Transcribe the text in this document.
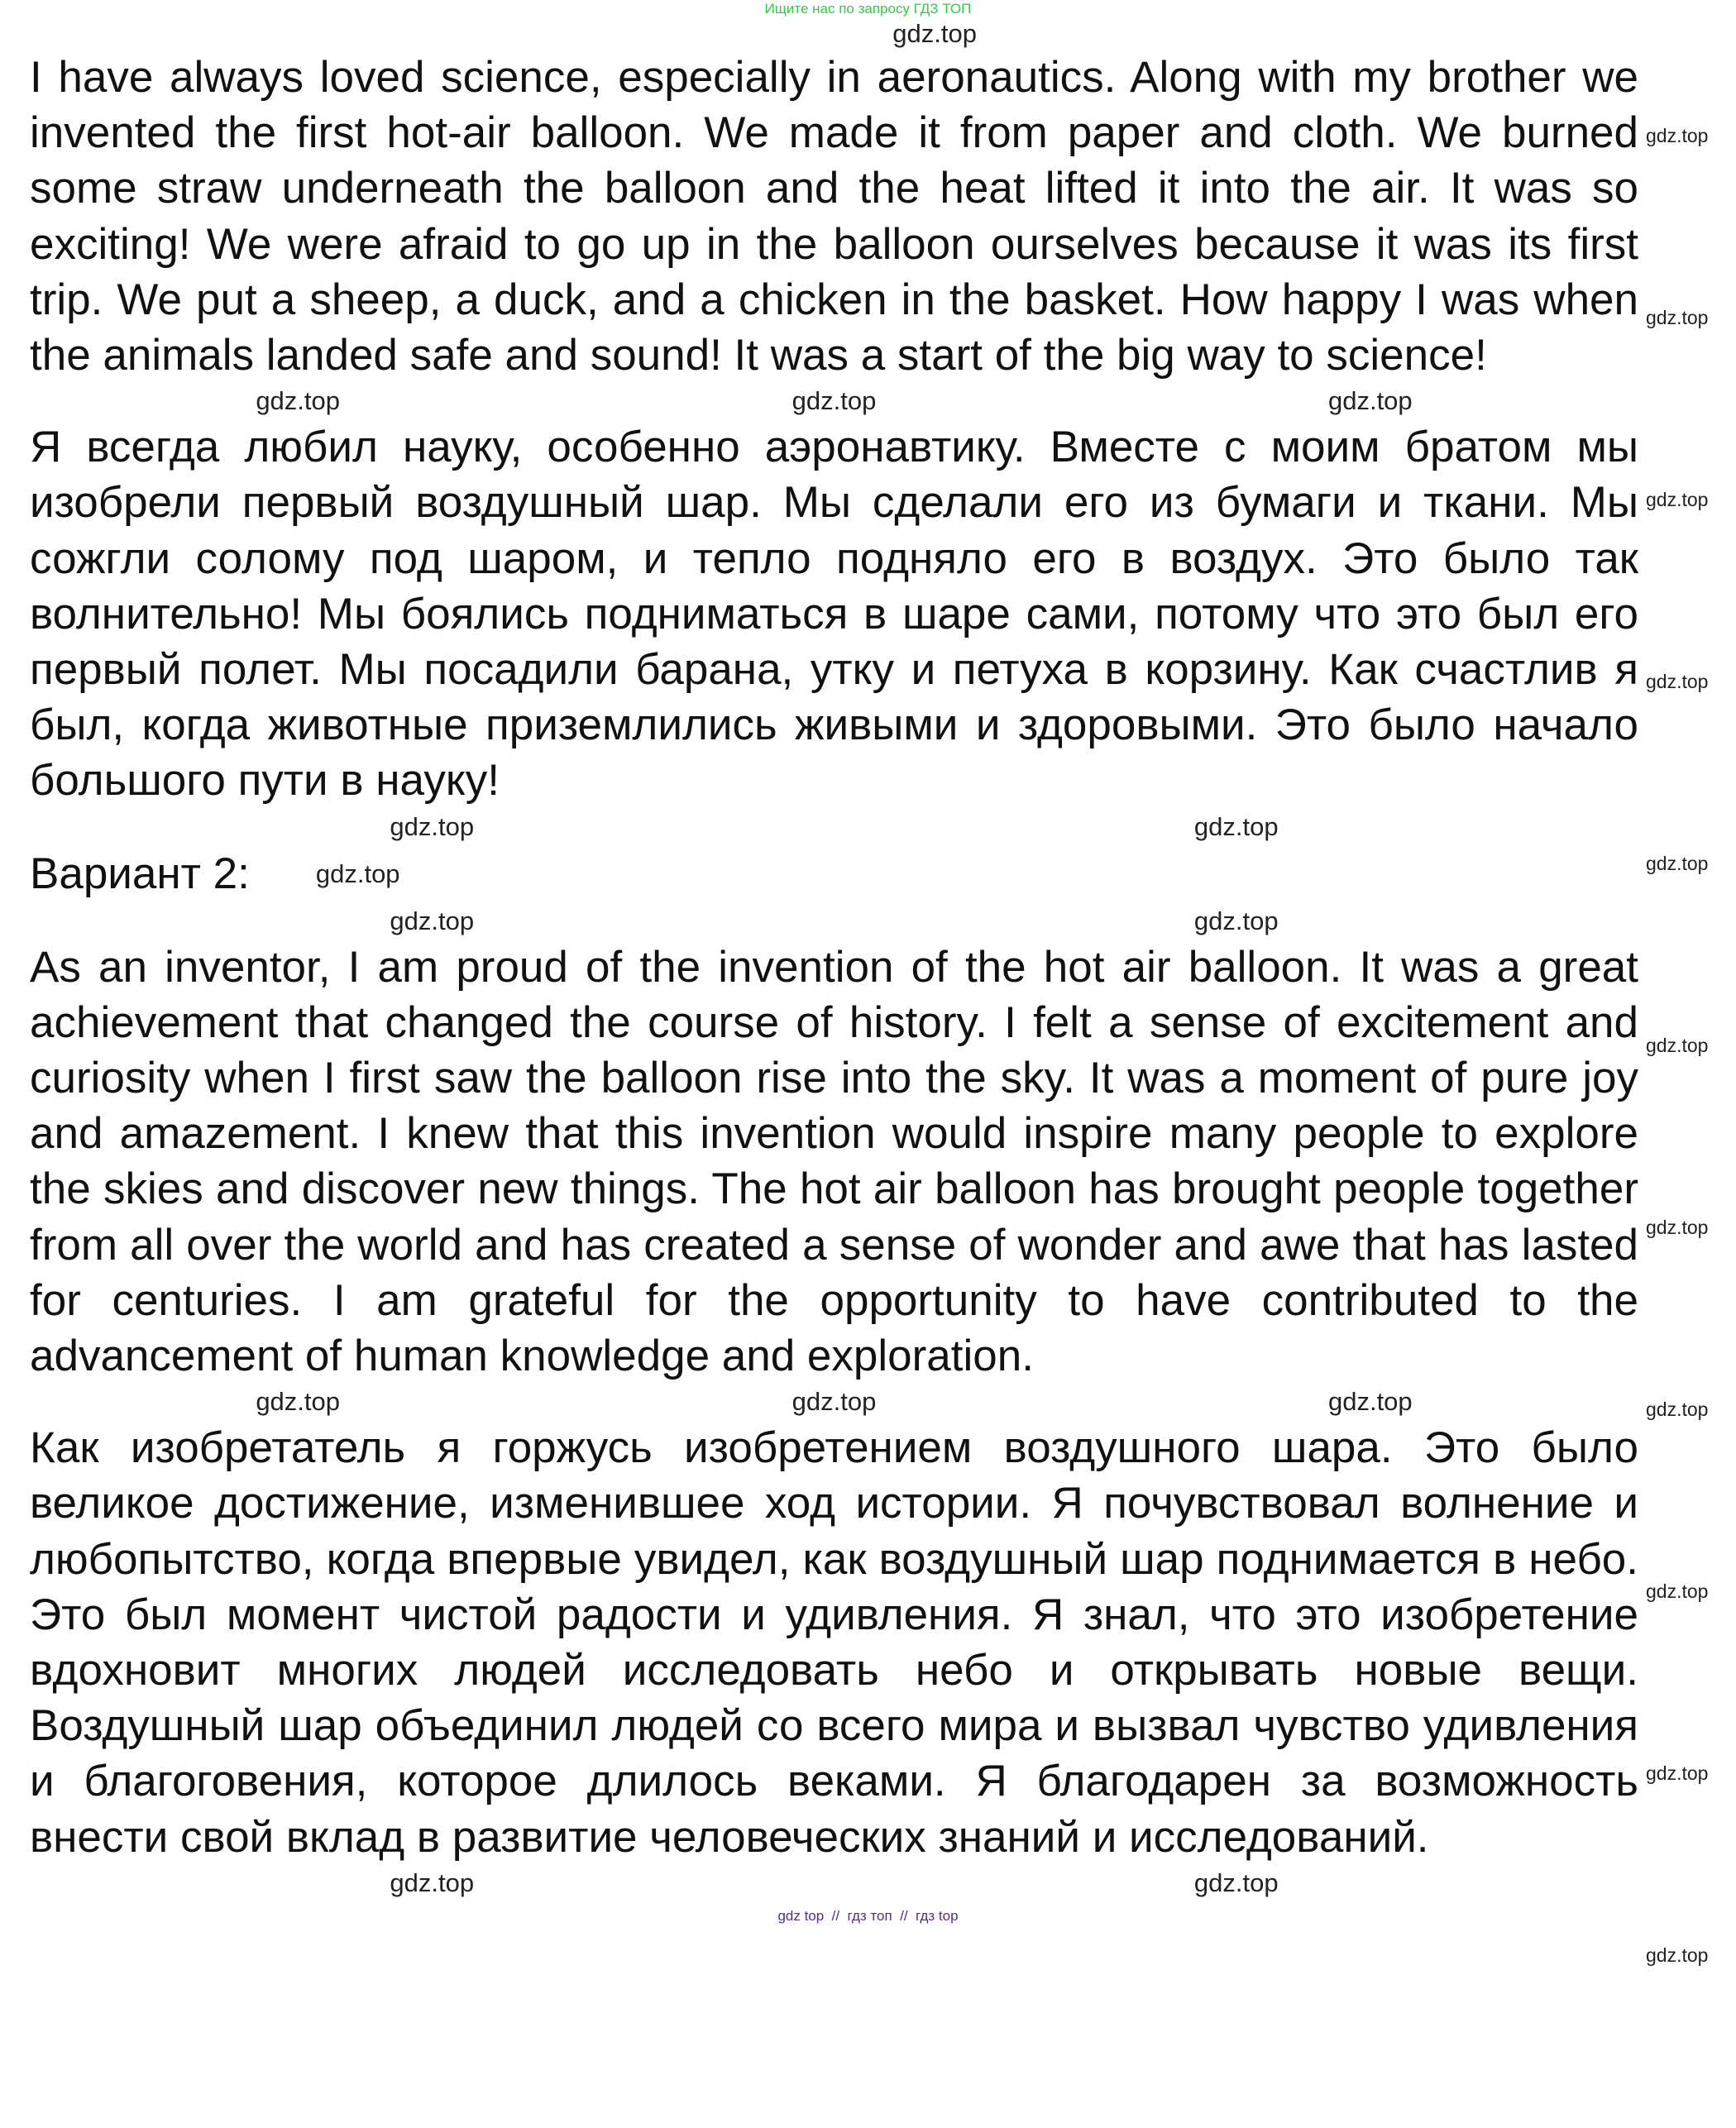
Ищите нас по запросу ГДЗ ТОП
gdz.top

I have always loved science, especially in aeronautics. Along with my brother we invented the first hot-air balloon. We made it from paper and cloth. We burned some straw underneath the balloon and the heat lifted it into the air. It was so exciting! We were afraid to go up in the balloon ourselves because it was its first trip. We put a sheep, a duck, and a chicken in the basket. How happy I was when the animals landed safe and sound! It was a start of the big way to science!

gdz.top	gdz.top	gdz.top

Я всегда любил науку, особенно аэронавтику. Вместе с моим братом мы изобрели первый воздушный шар. Мы сделали его из бумаги и ткани. Мы сожгли солому под шаром, и тепло подняло его в воздух. Это было так волнительно! Мы боялись подниматься в шаре сами, потому что это был его первый полет. Мы посадили барана, утку и петуха в корзину. Как счастлив я был, когда животные приземлились живыми и здоровыми. Это было начало большого пути в науку!

gdz.top	gdz.top
Вариант 2:	gdz.top
gdz.top	gdz.top

As an inventor, I am proud of the invention of the hot air balloon. It was a great achievement that changed the course of history. I felt a sense of excitement and curiosity when I first saw the balloon rise into the sky. It was a moment of pure joy and amazement. I knew that this invention would inspire many people to explore the skies and discover new things. The hot air balloon has brought people together from all over the world and has created a sense of wonder and awe that has lasted for centuries. I am grateful for the opportunity to have contributed to the advancement of human knowledge and exploration.

gdz.top	gdz.top	gdz.top

Как изобретатель я горжусь изобретением воздушного шара. Это было великое достижение, изменившее ход истории. Я почувствовал волнение и любопытство, когда впервые увидел, как воздушный шар поднимается в небо. Это был момент чистой радости и удивления. Я знал, что это изобретение вдохновит многих людей исследовать небо и открывать новые вещи. Воздушный шар объединил людей со всего мира и вызвал чувство удивления и благоговения, которое длилось веками. Я благодарен за возможность внести свой вклад в развитие человеческих знаний и исследований.

gdz.top	gdz.top
gdz.top
gdz.top
gdz.top
gdz.top
gdz.top
gdz.top
gdz.top
gdz.top
gdz.top
gdz.top
gdz.top
gdz top  //  гдз топ  //  гдз top
